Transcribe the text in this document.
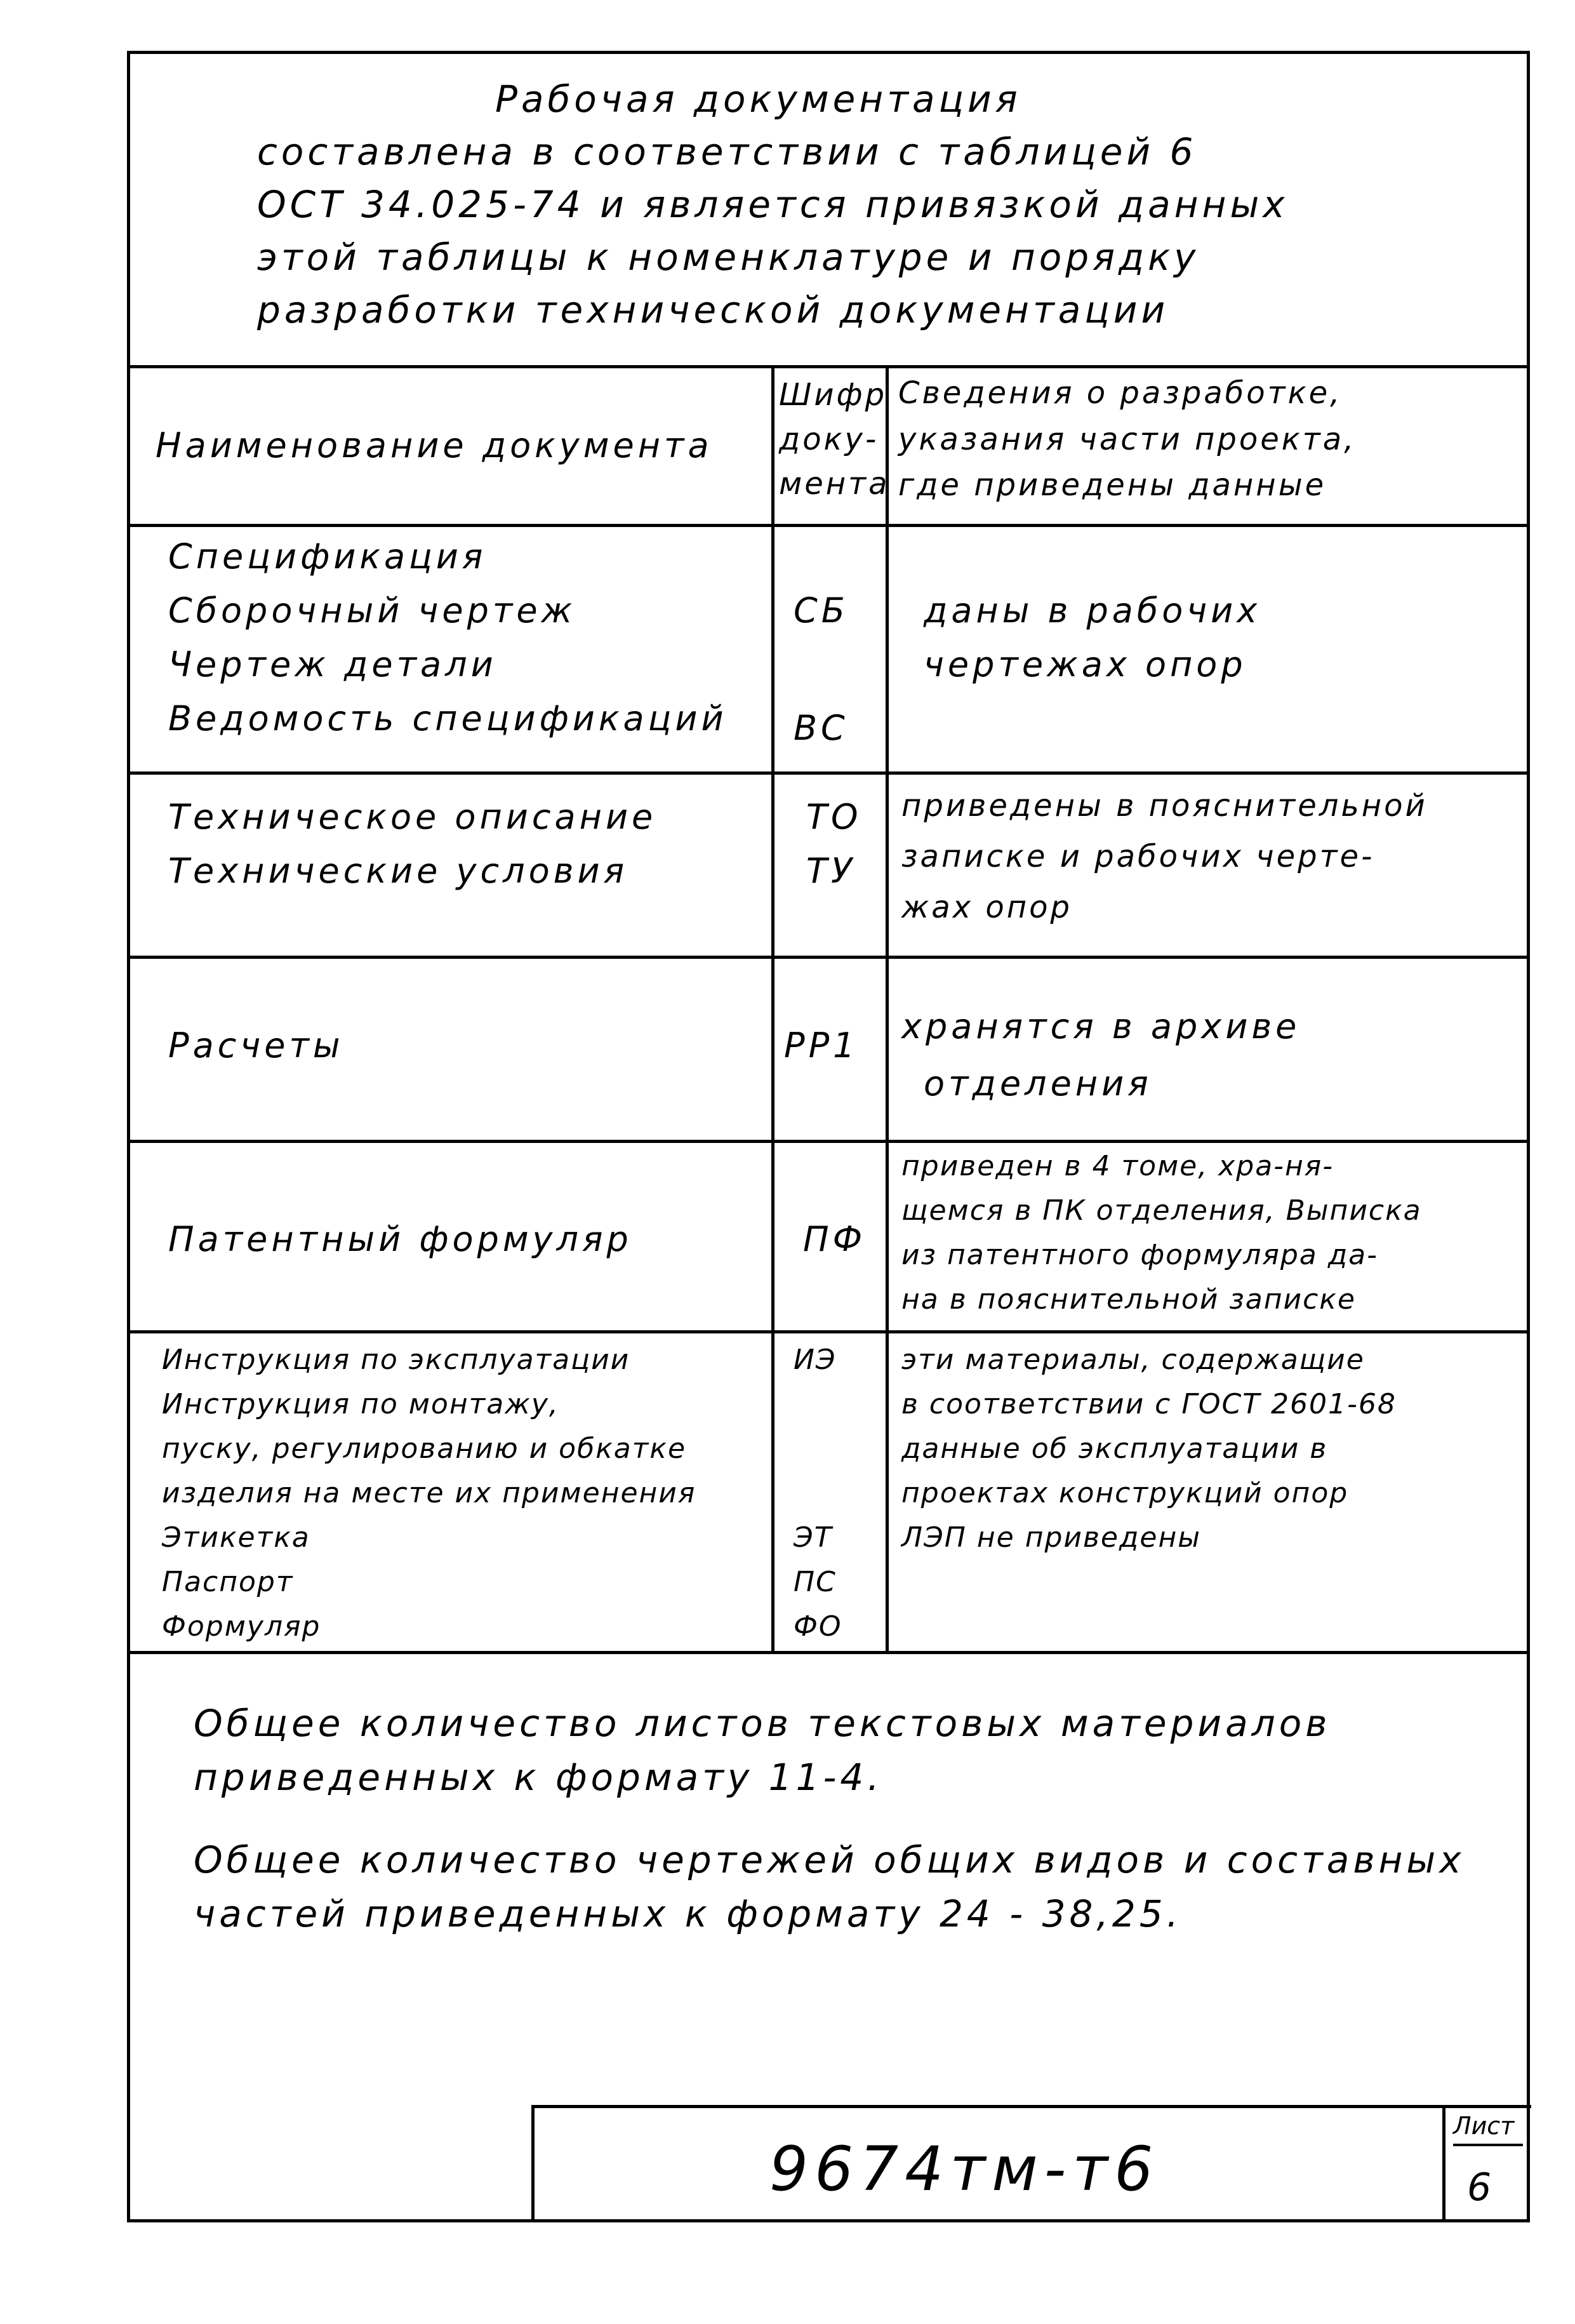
Рабочая документация
составлена в соответствии с таблицей 6
ОСТ 34.025-74 и является привязкой данных
этой таблицы к номенклатуре и порядку
разработки технической документации
Наименование документа
Шифр
доку-
мента
Сведения о разработке,
указания части проекта,
где приведены данные
Спецификация
Сборочный чертеж
Чертеж детали
Ведомость спецификаций
СБ
ВС
даны в рабочих
чертежах опор
Техническое описание
Технические условия
ТО
ТУ
приведены в пояснительной
записке и рабочих черте-
жах опор
Расчеты	РР1 хранятся в архиве
отделения
Патентный формуляр	ПФ
приведен в 4 томе, хра-ня-
щемся в ПК отделения, Выписка
из патентного формуляра да-
на в пояснительной записке
Инструкция по эксплуатации
Инструкция по монтажу,
пуску, регулированию и обкатке
изделия на месте их применения
Этикетка
Паспорт
Формуляр
ИЭ
ЭТ
ПС
ФО
эти материалы, содержащие
в соответствии с ГОСТ 2601-68
данные об эксплуатации в
проектах конструкций опор
ЛЭП не приведены
Общее количество листов текстовых материалов
приведенных к формату 11-4.
Общее количество чертежей общих видов и составных
частей приведенных к формату 24 - 38,25.
9674тм-т6
Лист
6
